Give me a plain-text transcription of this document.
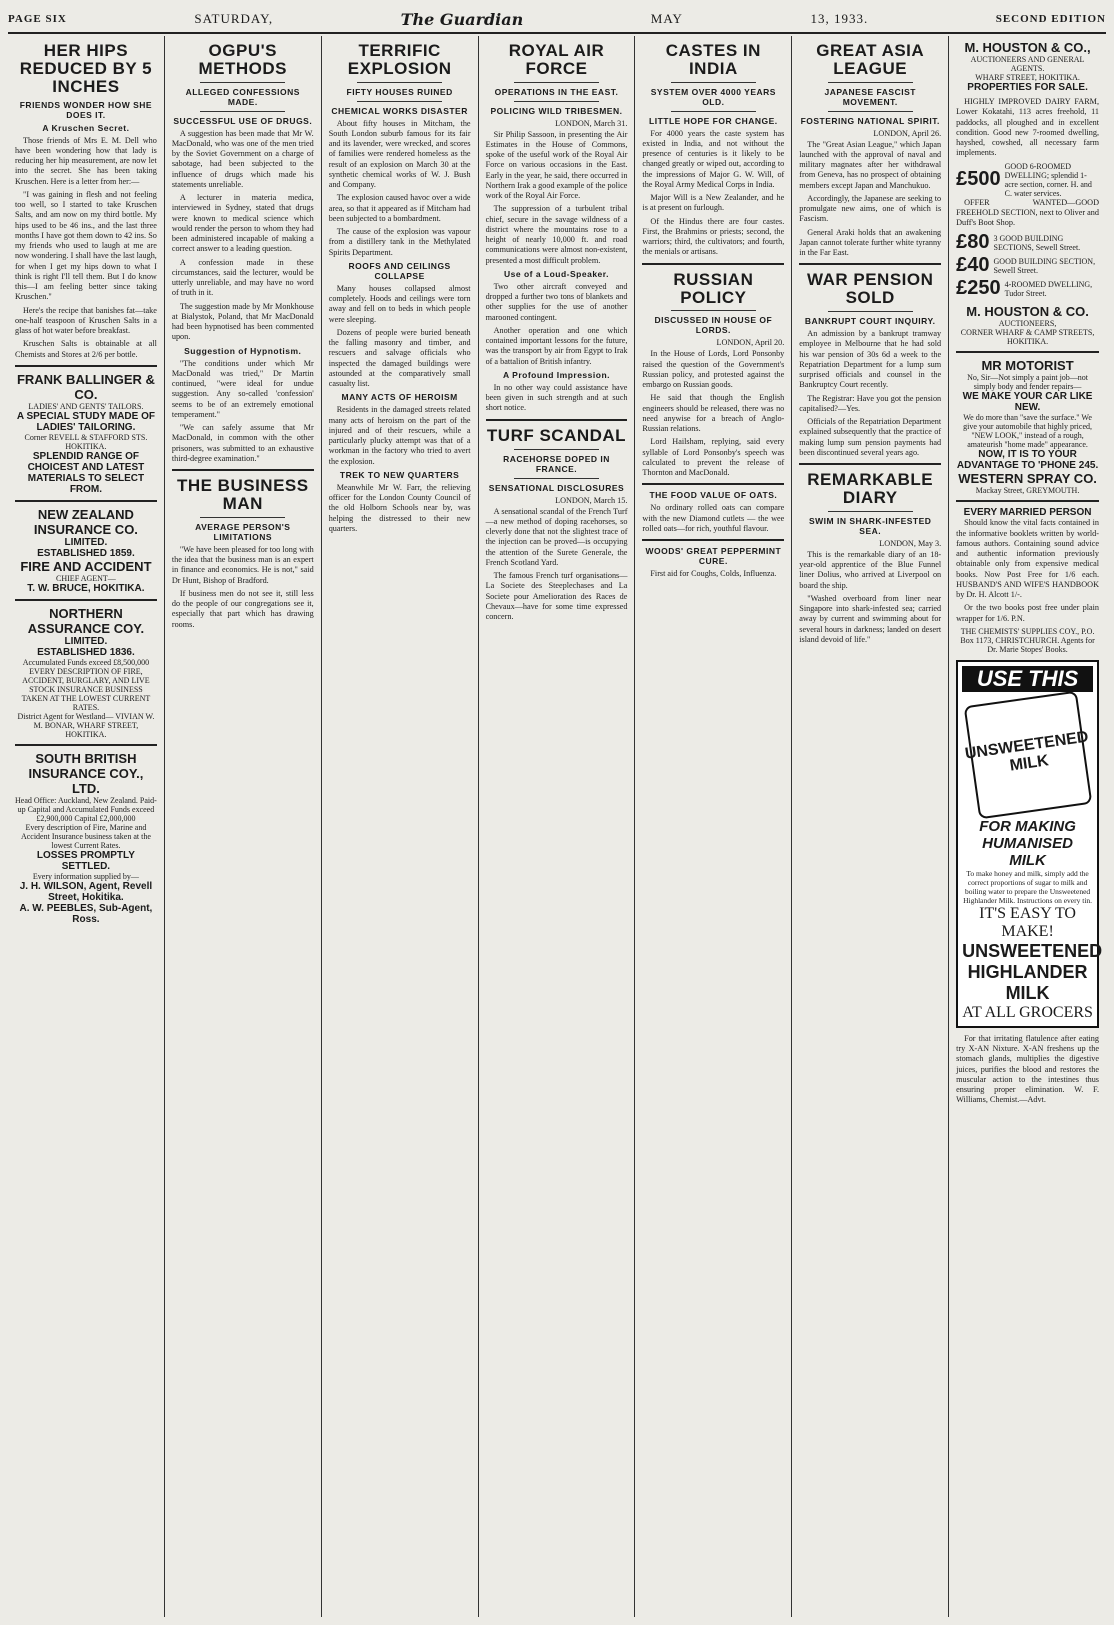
PAGE SIX	SATURDAY,	The Guardian	MAY	13, 1933.	SECOND EDITION
HER HIPS REDUCED BY 5 INCHES
FRIENDS WONDER HOW SHE DOES IT.
A Kruschen Secret.

Those friends of Mrs E. M. Dell who have been wondering how that lady is reducing her hip measurement, are now let into the secret. She has been taking Kruschen. Here is a letter from her:—

"I was gaining in flesh and not feeling too well, so I started to take Kruschen Salts, and am now on my third bottle. My hips used to be 46 ins., and the last three months I have got them down to 42 ins. So my friends who used to laugh at me are now wondering. I shall have the last laugh, for when I get my hips down to what I think is right I'll tell them. But I do know this—I am feeling better since taking Kruschen."

Here's the recipe that banishes fat—take one-half teaspoon of Kruschen Salts in a glass of hot water before breakfast.

Kruschen Salts is obtainable at all Chemists and Stores at 2/6 per bottle.

FRANK BALLINGER & CO.
LADIES' AND GENTS' TAILORS.
A SPECIAL STUDY MADE OF LADIES' TAILORING.
Corner REVELL & STAFFORD STS. HOKITIKA.
SPLENDID RANGE OF CHOICEST AND LATEST MATERIALS TO SELECT FROM.
NEW ZEALAND INSURANCE CO.
LIMITED.
ESTABLISHED 1859.
FIRE AND ACCIDENT
CHIEF AGENT—
T. W. BRUCE, HOKITIKA.
NORTHERN ASSURANCE COY.
LIMITED.
ESTABLISHED 1836.
Accumulated Funds exceed £8,500,000
EVERY DESCRIPTION OF FIRE, ACCIDENT, BURGLARY, AND LIVE STOCK INSURANCE BUSINESS TAKEN AT THE LOWEST CURRENT RATES.
District Agent for Westland— VIVIAN W. M. BONAR, WHARF STREET, HOKITIKA.
SOUTH BRITISH INSURANCE COY., LTD.
Head Office: Auckland, New Zealand. Paid-up Capital and Accumulated Funds exceed £2,900,000 Capital £2,000,000
Every description of Fire, Marine and Accident Insurance business taken at the lowest Current Rates.
LOSSES PROMPTLY SETTLED.
Every information supplied by—
J. H. WILSON, Agent, Revell Street, Hokitika.
A. W. PEEBLES, Sub-Agent, Ross.
OGPU'S METHODS
ALLEGED CONFESSIONS MADE.
SUCCESSFUL USE OF DRUGS.

A suggestion has been made that Mr W. MacDonald, who was one of the men tried by the Soviet Government on a charge of sabotage, had been subjected to the influence of drugs which made his statements unreliable.

A lecturer in materia medica, interviewed in Sydney, stated that drugs were known to medical science which would render the person to whom they had been administered incapable of making a correct answer to a leading question.

A confession made in these circumstances, said the lecturer, would be utterly unreliable, and may have no word of truth in it.

The suggestion made by Mr Monkhouse at Bialystok, Poland, that Mr MacDonald had been hypnotised has been commented upon.

Suggestion of Hypnotism.

"The conditions under which Mr MacDonald was tried," Dr Martin continued, "were ideal for undue suggestion. Any so-called 'confession' seems to be of an extremely emotional temperament."

"We can safely assume that Mr MacDonald, in common with the other prisoners, was submitted to an exhaustive third-degree examination."

THE BUSINESS MAN
AVERAGE PERSON'S LIMITATIONS

"We have been pleased for too long with the idea that the business man is an expert in finance and economics. He is not," said Dr Hunt, Bishop of Bradford.

If business men do not see it, still less do the people of our congregations see it, especially that part which has drawing rooms.

TERRIFIC EXPLOSION
FIFTY HOUSES RUINED
CHEMICAL WORKS DISASTER

About fifty houses in Mitcham, the South London suburb famous for its fair and its lavender, were wrecked, and scores of families were rendered homeless as the result of an explosion on March 30 at the synthetic chemical works of W. J. Bush and Company.

The explosion caused havoc over a wide area, so that it appeared as if Mitcham had been subjected to a bombardment.

The cause of the explosion was vapour from a distillery tank in the Methylated Spirits Department.

ROOFS AND CEILINGS COLLAPSE

Many houses collapsed almost completely. Hoods and ceilings were torn away and fell on to beds in which people were sleeping.

Dozens of people were buried beneath the falling masonry and timber, and rescuers and salvage officials who inspected the damaged buildings were astounded at the comparatively small casualty list.

MANY ACTS OF HEROISM

Residents in the damaged streets related many acts of heroism on the part of the injured and of their rescuers, while a particularly plucky attempt was that of a workman in the factory who tried to avert the explosion.

TREK TO NEW QUARTERS

Meanwhile Mr W. Farr, the relieving officer for the London County Council of the old Holborn Schools near by, was helping the distressed to their new quarters.

ROYAL AIR FORCE
OPERATIONS IN THE EAST.
POLICING WILD TRIBESMEN.

LONDON, March 31.

Sir Philip Sassoon, in presenting the Air Estimates in the House of Commons, spoke of the useful work of the Royal Air Force on various occasions in the East. Early in the year, he said, there occurred in Northern Irak a good example of the police work of the Royal Air Force.

The suppression of a turbulent tribal chief, secure in the savage wildness of a district where the mountains rose to a height of nearly 10,000 ft. and road communications were almost non-existent, presented a most difficult problem.

Use of a Loud-Speaker.

Two other aircraft conveyed and dropped a further two tons of blankets and other supplies for the use of another marooned contingent.

Another operation and one which contained important lessons for the future, was the transport by air from Egypt to Irak of a battalion of British infantry.

A Profound Impression.

In no other way could assistance have been given in such strength and at such short notice.

TURF SCANDAL
RACEHORSE DOPED IN FRANCE.
SENSATIONAL DISCLOSURES

LONDON, March 15.

A sensational scandal of the French Turf—a new method of doping racehorses, so cleverly done that not the slightest trace of the injection can be proved—is occupying the attention of the Surete Generale, the French Scotland Yard.

The famous French turf organisations—La Societe des Steeplechases and La Societe pour Amelioration des Races de Chevaux—have for some time expressed concern.

CASTES IN INDIA
SYSTEM OVER 4000 YEARS OLD.
LITTLE HOPE FOR CHANGE.

For 4000 years the caste system has existed in India, and not without the presence of centuries is it likely to be changed greatly or wiped out, according to the impressions of Major G. W. Will, of the Royal Army Medical Corps in India.

Major Will is a New Zealander, and he is at present on furlough.

Of the Hindus there are four castes. First, the Brahmins or priests; second, the warriors; third, the cultivators; and fourth, the menials or artisans.

RUSSIAN POLICY
DISCUSSED IN HOUSE OF LORDS.

LONDON, April 20.

In the House of Lords, Lord Ponsonby raised the question of the Government's Russian policy, and protested against the embargo on Russian goods.

He said that though the English engineers should be released, there was no need anywise for a breach of Anglo-Russian relations.

Lord Hailsham, replying, said every syllable of Lord Ponsonby's speech was calculated to prevent the release of Thornton and MacDonald.

THE FOOD VALUE OF OATS.

No ordinary rolled oats can compare with the new Diamond cutlets — the wee rolled oats—for rich, youthful flavour.

WOODS' GREAT PEPPERMINT CURE.

First aid for Coughs, Colds, Influenza.

GREAT ASIA LEAGUE
JAPANESE FASCIST MOVEMENT.
FOSTERING NATIONAL SPIRIT.

LONDON, April 26.

The "Great Asian League," which Japan launched with the approval of naval and military magnates after her withdrawal from Geneva, has no prospect of obtaining members except Japan and Manchukuo.

Accordingly, the Japanese are seeking to promulgate new aims, one of which is Fascism.

General Araki holds that an awakening Japan cannot tolerate further white tyranny in the Far East.

WAR PENSION SOLD
BANKRUPT COURT INQUIRY.

An admission by a bankrupt tramway employee in Melbourne that he had sold his war pension of 30s 6d a week to the Repatriation Department for a lump sum surprised officials and counsel in the Bankruptcy Court recently.

The Registrar: Have you got the pension capitalised?—Yes.

Officials of the Repatriation Department explained subsequently that the practice of making lump sum pension payments had been discontinued several years ago.

REMARKABLE DIARY
SWIM IN SHARK-INFESTED SEA.

LONDON, May 3.

This is the remarkable diary of an 18-year-old apprentice of the Blue Funnel liner Dolius, who arrived at Liverpool on board the ship.

"Washed overboard from liner near Singapore into shark-infested sea; carried away by current and swimming about for several hours in darkness; landed on desert island devoid of life."

M. HOUSTON & CO.,
AUCTIONEERS AND GENERAL AGENTS.
WHARF STREET, HOKITIKA.
PROPERTIES FOR SALE.

HIGHLY IMPROVED DAIRY FARM, Lower Kokatahi, 113 acres freehold, 11 paddocks, all ploughed and in excellent condition. Good new 7-roomed dwelling, hayshed, cowshed, all necessary farm implements.

£500
GOOD 6-ROOMED DWELLING; splendid 1-acre section, corner. H. and C. water services.

OFFER WANTED—GOOD FREEHOLD SECTION, next to Oliver and Duff's Boot Shop.

£80 3 GOOD BUILDING SECTIONS, Sewell Street.
£40 GOOD BUILDING SECTION, Sewell Street.
£250 4-ROOMED DWELLING, Tudor Street.
M. HOUSTON & CO.
AUCTIONEERS,
CORNER WHARF & CAMP STREETS, HOKITIKA.
MR MOTORIST
No, Sir—Not simply a paint job—not simply body and fender repairs—
WE MAKE YOUR CAR LIKE NEW.
We do more than "save the surface." We give your automobile that highly priced, "NEW LOOK," instead of a rough, amateurish "home made" appearance.
NOW, IT IS TO YOUR ADVANTAGE TO 'PHONE 245.
WESTERN SPRAY CO.
Mackay Street, GREYMOUTH.
EVERY MARRIED PERSON

Should know the vital facts contained in the informative booklets written by world-famous authors. Containing sound advice and authentic information previously obtainable only from expensive medical books. Now Post Free for 1/6 each. HUSBAND'S AND WIFE'S HANDBOOK by Dr. H. Alcott 1/-.

Or the two books post free under plain wrapper for 1/6. P.N.

THE CHEMISTS' SUPPLIES COY., P.O. Box 1173, CHRISTCHURCH. Agents for Dr. Marie Stopes' Books.
USE THIS
UNSWEETENED MILK
FOR MAKING HUMANISED MILK
To make honey and milk, simply add the correct proportions of sugar to milk and boiling water to prepare the Unsweetened Highlander Milk. Instructions on every tin.
IT'S EASY TO MAKE!
UNSWEETENED
HIGHLANDER MILK
AT ALL GROCERS

For that irritating flatulence after eating try X-AN Nixture. X-AN freshens up the stomach glands, multiplies the digestive juices, purifies the blood and restores the muscular action to the intestines thus ensuring proper elimination. W. F. Williams, Chemist.—Advt.
